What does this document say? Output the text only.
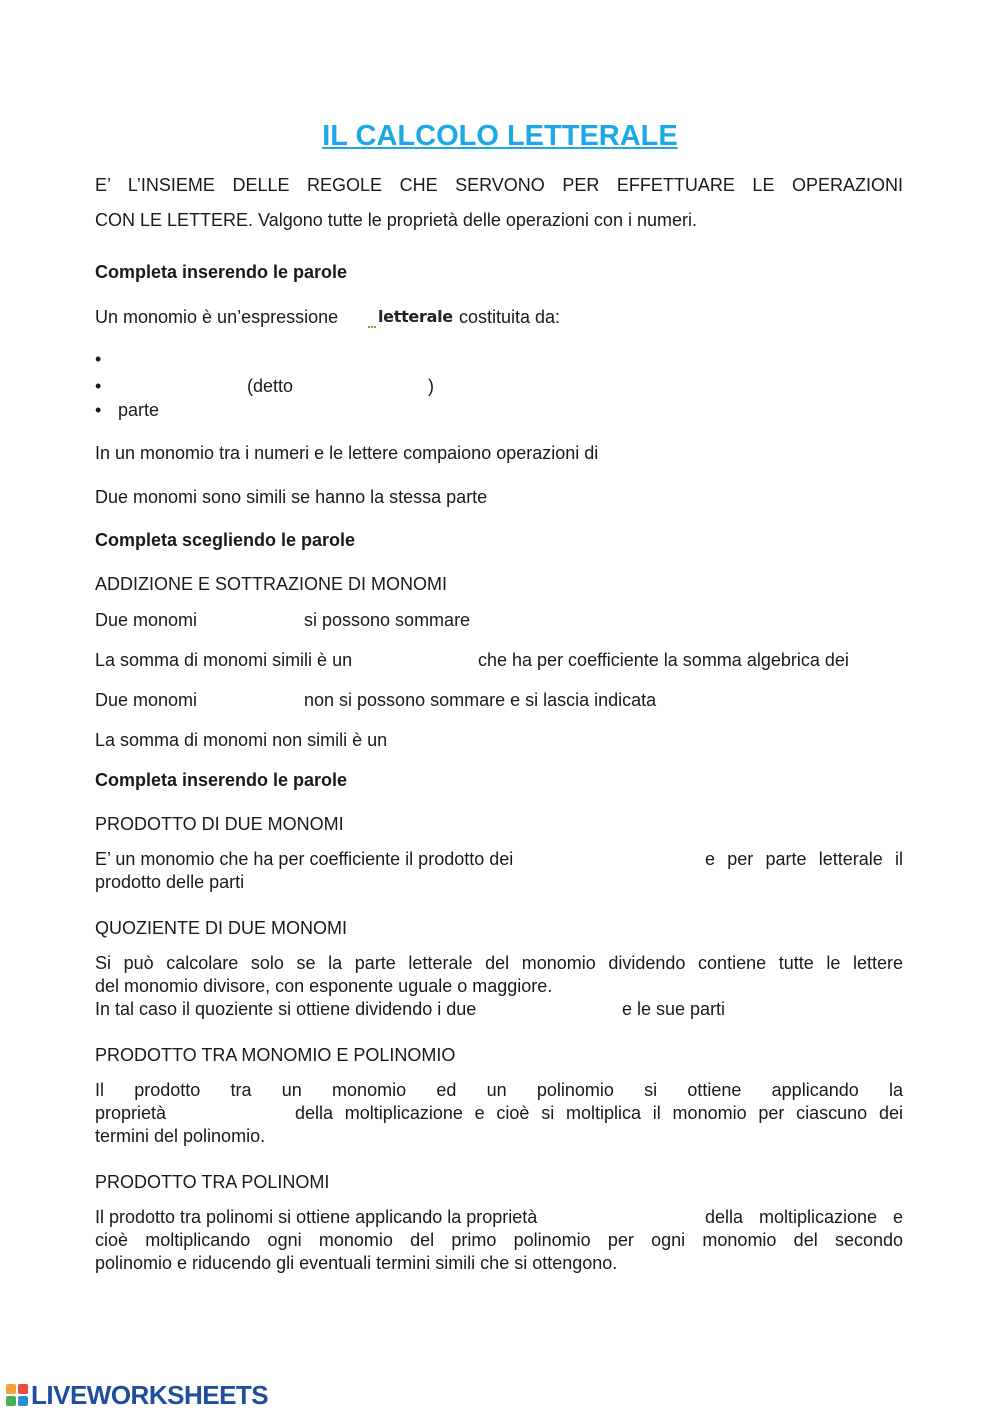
IL CALCOLO LETTERALE
E’ L’INSIEME DELLE REGOLE CHE SERVONO PER EFFETTUARE LE OPERAZIONI
CON LE LETTERE. Valgono tutte le proprietà delle operazioni con i numeri.
Completa inserendo le parole
Un monomio è un’espressione letterale costituita da:
•
•	(detto	)
• parte
In un monomio tra i numeri e le lettere compaiono operazioni di
Due monomi sono simili se hanno la stessa parte
Completa scegliendo le parole
ADDIZIONE E SOTTRAZIONE DI MONOMI
Due monomi	si possono sommare
La somma di monomi simili è un	che ha per coefficiente la somma algebrica dei
Due monomi	non si possono sommare e si lascia indicata
La somma di monomi non simili è un
Completa inserendo le parole
PRODOTTO DI DUE MONOMI
E’ un monomio che ha per coefficiente il prodotto dei	e per parte letterale il
prodotto delle parti
QUOZIENTE DI DUE MONOMI
Si può calcolare solo se la parte letterale del monomio dividendo contiene tutte le lettere
del monomio divisore, con esponente uguale o maggiore.
In tal caso il quoziente si ottiene dividendo i due	e le sue parti
PRODOTTO TRA MONOMIO E POLINOMIO
Il prodotto tra un monomio ed un polinomio si ottiene applicando la
proprietà	della moltiplicazione e cioè si moltiplica il monomio per ciascuno dei
termini del polinomio.
PRODOTTO TRA POLINOMI
Il prodotto tra polinomi si ottiene applicando la proprietà	della moltiplicazione e
cioè moltiplicando ogni monomio del primo polinomio per ogni monomio del secondo
polinomio e riducendo gli eventuali termini simili che si ottengono.
LIVEWORKSHEETS
